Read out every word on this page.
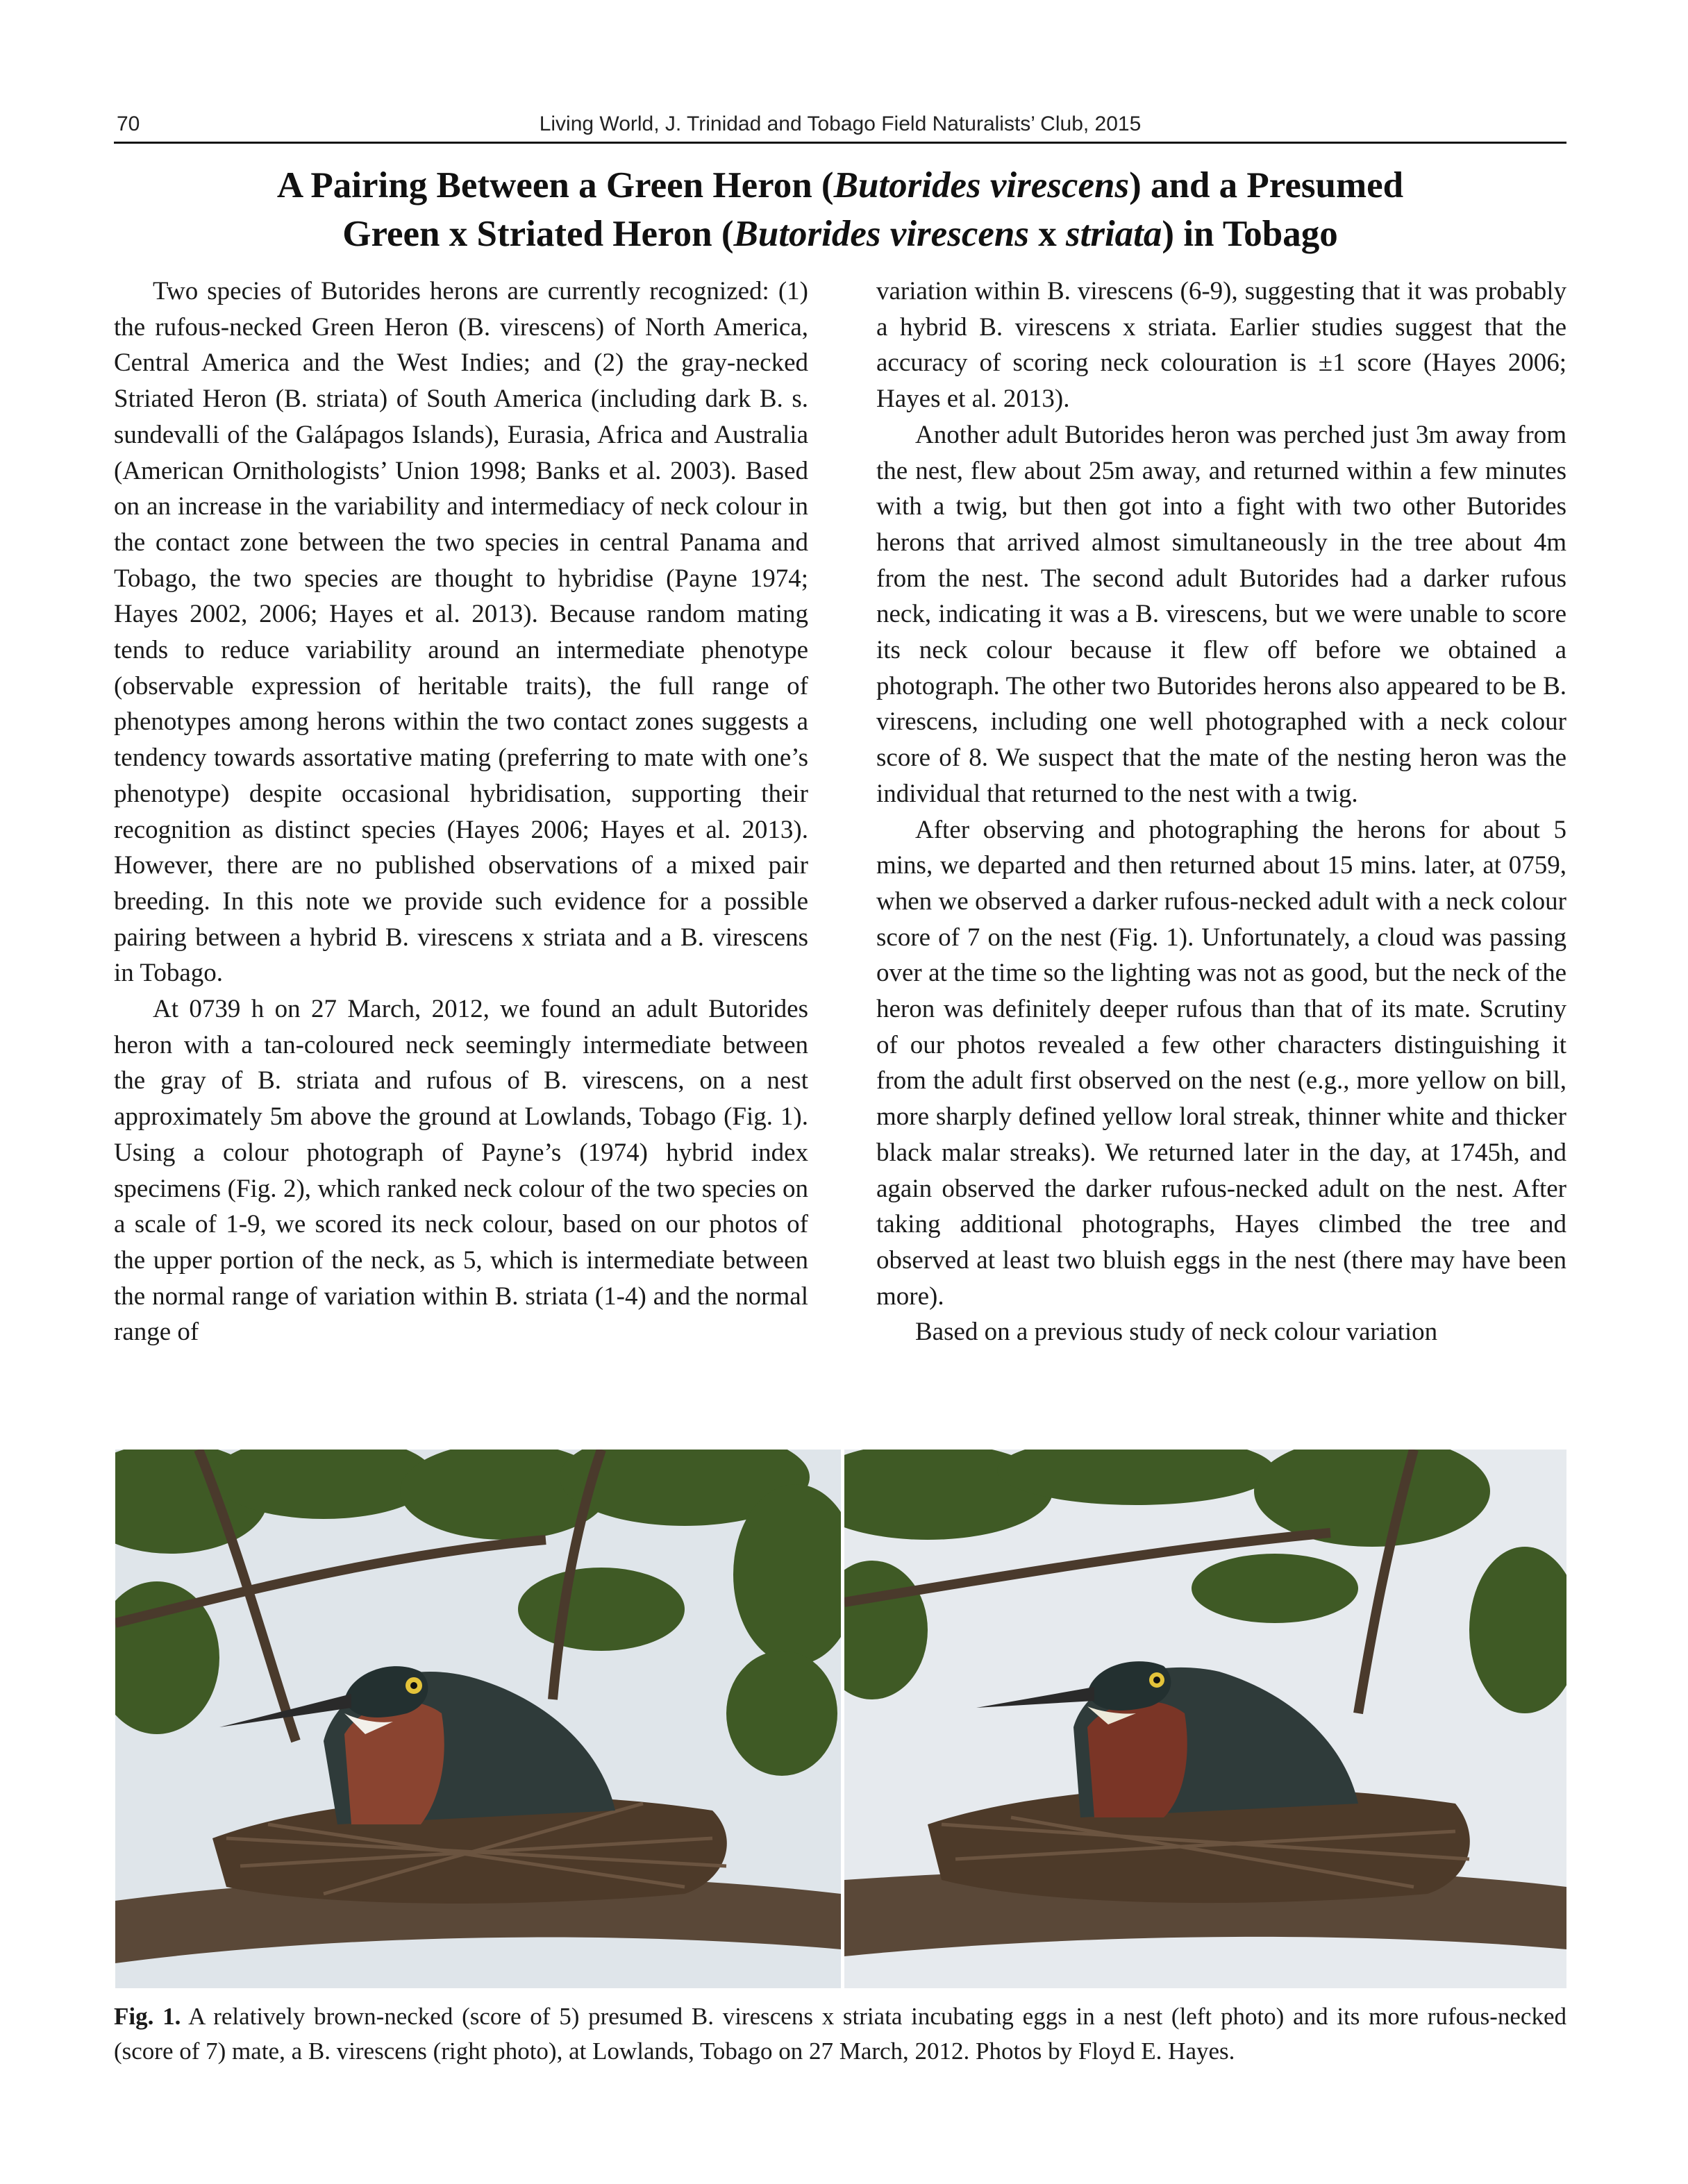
70	Living World, J. Trinidad and Tobago Field Naturalists’ Club, 2015
A Pairing Between a Green Heron (Butorides virescens) and a Presumed
Green x Striated Heron (Butorides virescens x striata) in Tobago

Two species of Butorides herons are currently recognized: (1) the rufous-necked Green Heron (B. virescens) of North America, Central America and the West Indies; and (2) the gray-necked Striated Heron (B. striata) of South America (including dark B. s. sundevalli of the Galápagos Islands), Eurasia, Africa and Australia (American Ornithologists’ Union 1998; Banks et al. 2003). Based on an increase in the variability and intermediacy of neck colour in the contact zone between the two species in central Panama and Tobago, the two species are thought to hybridise (Payne 1974; Hayes 2002, 2006; Hayes et al. 2013). Because random mating tends to reduce variability around an intermediate phenotype (observable expression of heritable traits), the full range of phenotypes among herons within the two contact zones suggests a tendency towards assortative mating (preferring to mate with one’s phenotype) despite occasional hybridisation, supporting their recognition as distinct species (Hayes 2006; Hayes et al. 2013). However, there are no published observations of a mixed pair breeding. In this note we provide such evidence for a possible pairing between a hybrid B. virescens x striata and a B. virescens in Tobago.

At 0739 h on 27 March, 2012, we found an adult Butorides heron with a tan-coloured neck seemingly intermediate between the gray of B. striata and rufous of B. virescens, on a nest approximately 5m above the ground at Lowlands, Tobago (Fig. 1). Using a colour photograph of Payne’s (1974) hybrid index specimens (Fig. 2), which ranked neck colour of the two species on a scale of 1-9, we scored its neck colour, based on our photos of the upper portion of the neck, as 5, which is intermediate between the normal range of variation within B. striata (1-4) and the normal range of

variation within B. virescens (6-9), suggesting that it was probably a hybrid B. virescens x striata. Earlier studies suggest that the accuracy of scoring neck colouration is ±1 score (Hayes 2006; Hayes et al. 2013).

Another adult Butorides heron was perched just 3m away from the nest, flew about 25m away, and returned within a few minutes with a twig, but then got into a fight with two other Butorides herons that arrived almost simultaneously in the tree about 4m from the nest. The second adult Butorides had a darker rufous neck, indicating it was a B. virescens, but we were unable to score its neck colour because it flew off before we obtained a photograph. The other two Butorides herons also appeared to be B. virescens, including one well photographed with a neck colour score of 8. We suspect that the mate of the nesting heron was the individual that returned to the nest with a twig.

After observing and photographing the herons for about 5 mins, we departed and then returned about 15 mins. later, at 0759, when we observed a darker rufous-necked adult with a neck colour score of 7 on the nest (Fig. 1). Unfortunately, a cloud was passing over at the time so the lighting was not as good, but the neck of the heron was definitely deeper rufous than that of its mate. Scrutiny of our photos revealed a few other characters distinguishing it from the adult first observed on the nest (e.g., more yellow on bill, more sharply defined yellow loral streak, thinner white and thicker black malar streaks). We returned later in the day, at 1745h, and again observed the darker rufous-necked adult on the nest. After taking additional photographs, Hayes climbed the tree and observed at least two bluish eggs in the nest (there may have been more).

Based on a previous study of neck colour variation

Fig. 1. A relatively brown-necked (score of 5) presumed B. virescens x striata incubating eggs in a nest (left photo) and its more rufous-necked (score of 7) mate, a B. virescens (right photo), at Lowlands, Tobago on 27 March, 2012. Photos by Floyd E. Hayes.
